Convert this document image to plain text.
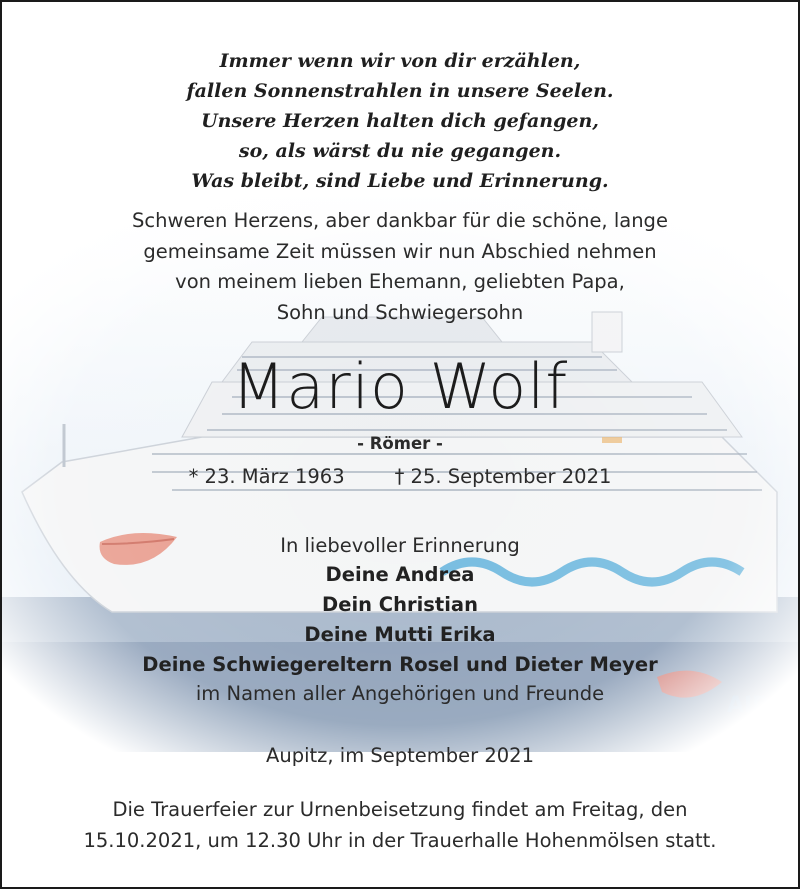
Immer wenn wir von dir erzählen,
fallen Sonnenstrahlen in unsere Seelen.
Unsere Herzen halten dich gefangen,
so, als wärst du nie gegangen.
Was bleibt, sind Liebe und Erinnerung.
Schweren Herzens, aber dankbar für die schöne, lange
gemeinsame Zeit müssen wir nun Abschied nehmen
von meinem lieben Ehemann, geliebten Papa,
Sohn und Schwiegersohn
Mario Wolf
- Römer -
* 23. März 1963	† 25. September 2021
In liebevoller Erinnerung
Deine Andrea
Dein Christian
Deine Mutti Erika
Deine Schwiegereltern Rosel und Dieter Meyer
im Namen aller Angehörigen und Freunde
Aupitz, im September 2021
Die Trauerfeier zur Urnenbeisetzung findet am Freitag, den
15.10.2021, um 12.30 Uhr in der Trauerhalle Hohenmölsen statt.
